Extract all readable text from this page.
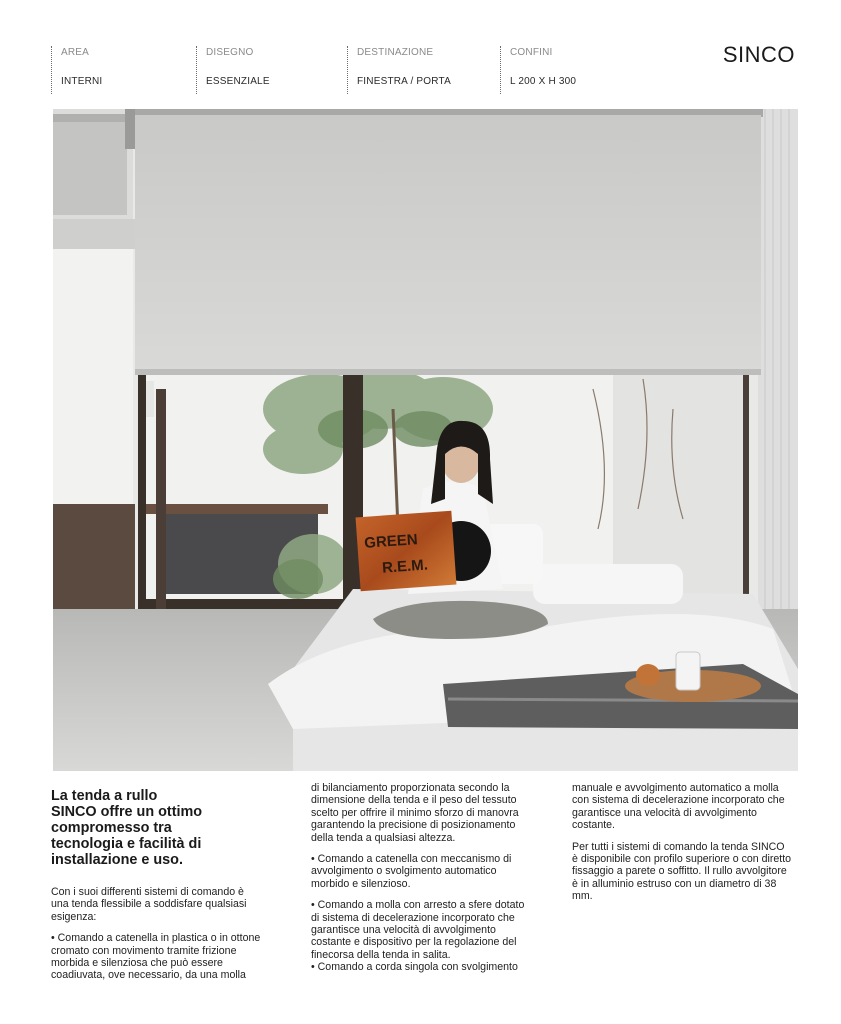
AREA
INTERNI
DISEGNO
ESSENZIALE
DESTINAZIONE
FINESTRA / PORTA
CONFINI
L 200 X H 300
SINCO
GREEN
R.E.M.
La tenda a rullo
SINCO offre un ottimo
compromesso tra
tecnologia e facilità di
installazione e uso.

Con i suoi differenti sistemi di comando è una tenda flessibile a soddisfare qualsiasi esigenza:

• Comando a catenella in plastica o in ottone cromato con movimento tramite frizione morbida e silenziosa che può essere coadiuvata, ove necessario, da una molla

di bilanciamento proporzionata secondo la dimensione della tenda e il peso del tessuto scelto per offrire il minimo sforzo di manovra garantendo la precisione di posizionamento della tenda a qualsiasi altezza.

• Comando a catenella con meccanismo di avvolgimento o svolgimento automatico morbido e silenzioso.

• Comando a molla con arresto a sfere dotato di sistema di decelerazione incorporato che garantisce una velocità di avvolgimento costante e dispositivo per la regolazione del finecorsa della tenda in salita.

• Comando a corda singola con svolgimento

manuale e avvolgimento automatico a molla con sistema di decelerazione incorporato che garantisce una velocità di avvolgimento costante.

Per tutti i sistemi di comando la tenda SINCO è disponibile con profilo superiore o con diretto fissaggio a parete o soffitto. Il rullo avvolgitore è in alluminio estruso con un diametro di 38 mm.
